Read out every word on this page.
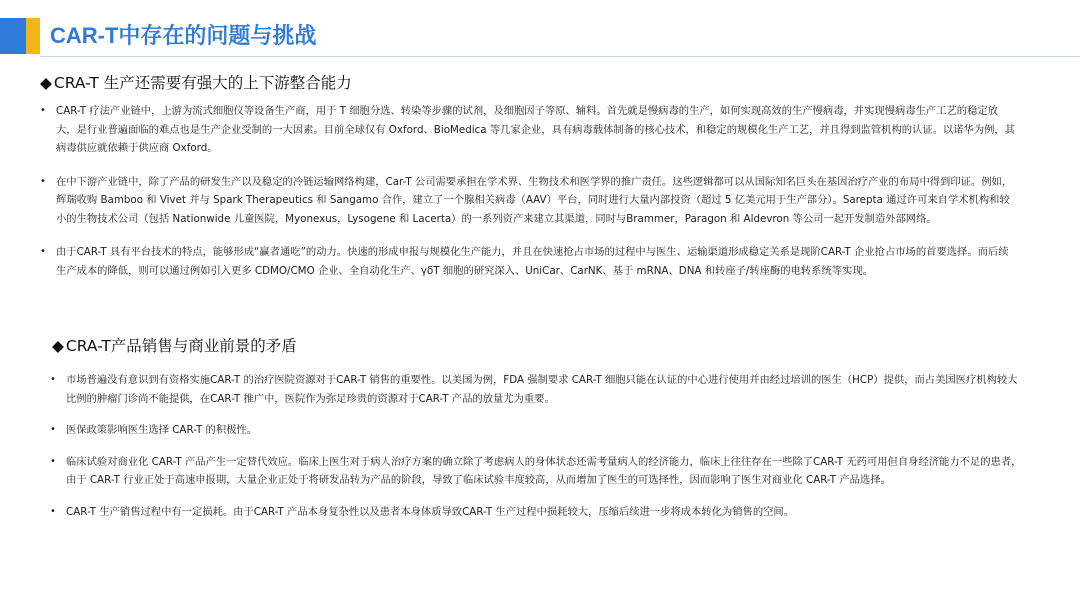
CAR-T中存在的问题与挑战
◆ CRA-T 生产还需要有强大的上下游整合能力
• CAR-T 疗法产业链中，上游为流式细胞仪等设备生产商，用于 T 细胞分选、转染等步骤的试剂，及细胞因子等原、辅料。首先就是慢病毒的生产，如何实现高效的生产慢病毒，并实现慢病毒生产工艺的稳定放大，是行业普遍面临的难点也是生产企业受制的一大因素。目前全球仅有 Oxford、BioMedica 等几家企业，具有病毒载体制备的核心技术，和稳定的规模化生产工艺，并且得到监管机构的认证。以诺华为例，其病毒供应就依赖于供应商 Oxford。
• 在中下游产业链中，除了产品的研发生产以及稳定的冷链运输网络构建，Car-T 公司需要承担在学术界、生物技术和医学界的推广责任。这些逻辑都可以从国际知名巨头在基因治疗产业的布局中得到印证。例如，辉瑞收购 Bamboo 和 Vivet 并与 Spark Therapeutics 和 Sangamo 合作，建立了一个腺相关病毒（AAV）平台，同时进行大量内部投资（超过 5 亿美元用于生产部分）。Sarepta 通过许可来自学术机构和较小的生物技术公司（包括 Nationwide 儿童医院，Myonexus，Lysogene 和 Lacerta）的一系列资产来建立其渠道，同时与Brammer，Paragon 和 Aldevron 等公司一起开发制造外部网络。
• 由于CAR-T 具有平台技术的特点，能够形成“赢者通吃”的动力。快速的形成申报与规模化生产能力，并且在快速抢占市场的过程中与医生、运输渠道形成稳定关系是现阶CAR-T 企业抢占市场的首要选择。而后续生产成本的降低，则可以通过例如引入更多 CDMO/CMO 企业、全自动化生产、γδT 细胞的研究深入、UniCar、CarNK、基于 mRNA、DNA 和转座子/转座酶的电转系统等实现。
◆ CRA-T产品销售与商业前景的矛盾
• 市场普遍没有意识到有资格实施CAR-T 的治疗医院资源对于CAR-T 销售的重要性。以美国为例，FDA 强制要求 CAR-T 细胞只能在认证的中心进行使用并由经过培训的医生（HCP）提供，而占美国医疗机构较大比例的肿瘤门诊尚不能提供，在CAR-T 推广中，医院作为弥足珍贵的资源对于CAR-T 产品的放量尤为重要。
• 医保政策影响医生选择 CAR-T 的积极性。
• 临床试验对商业化 CAR-T 产品产生一定替代效应。临床上医生对于病人治疗方案的确立除了考虑病人的身体状态还需考量病人的经济能力，临床上往往存在一些除了CAR-T 无药可用但自身经济能力不足的患者，由于 CAR-T 行业正处于高速申报期，大量企业正处于将研发品转为产品的阶段，导致了临床试验丰度较高，从而增加了医生的可选择性，因而影响了医生对商业化 CAR-T 产品选择。
• CAR-T 生产销售过程中有一定损耗。由于CAR-T 产品本身复杂性以及患者本身体质导致CAR-T 生产过程中损耗较大，压缩后续进一步将成本转化为销售的空间。
